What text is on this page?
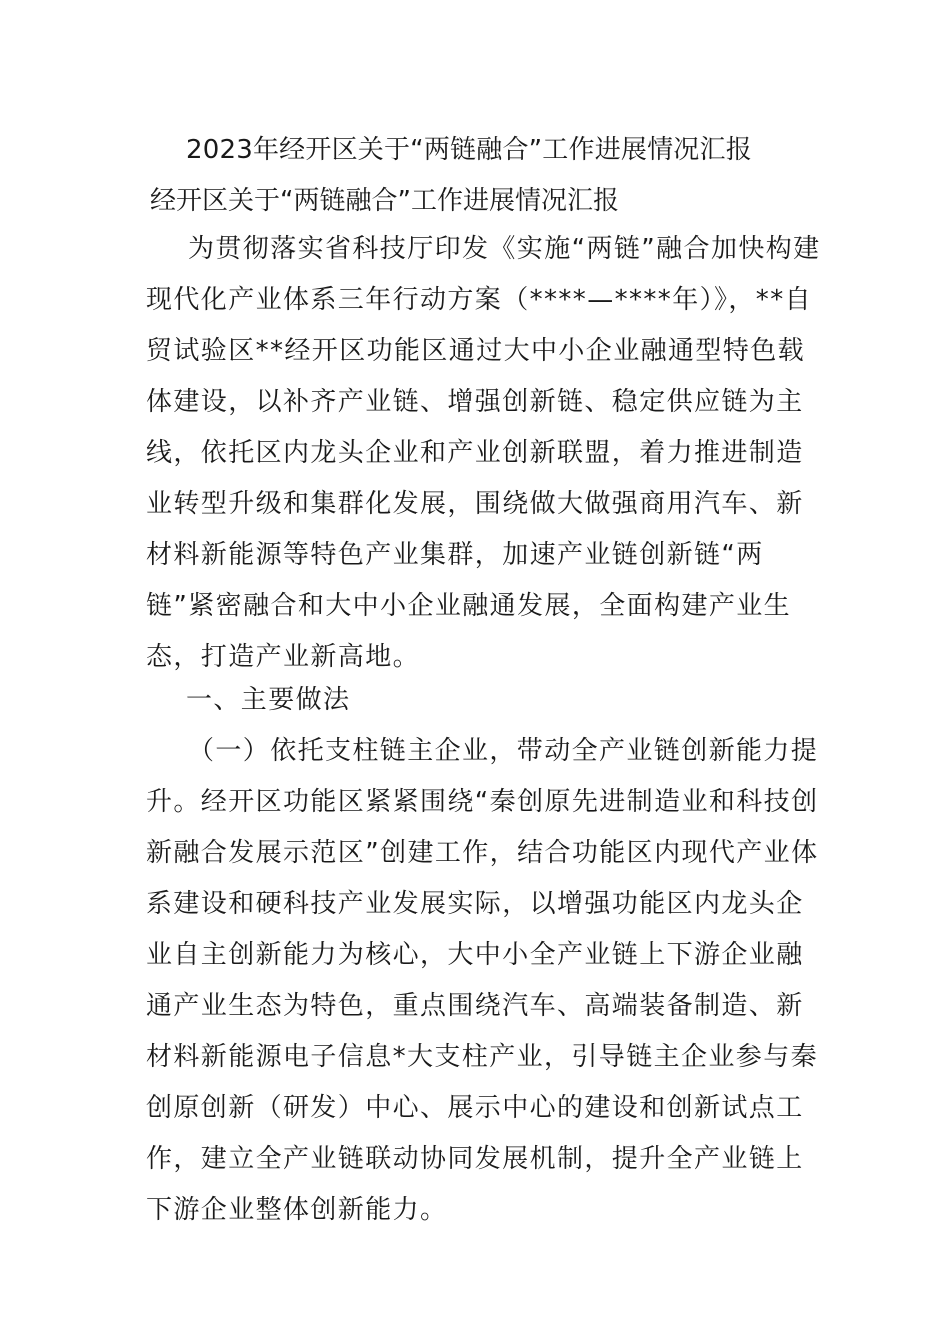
2023年经开区关于“两链融合”工作进展情况汇报
经开区关于“两链融合”工作进展情况汇报
为贯彻落实省科技厅印发《实施“两链”融合加快构建现代化产业体系三年行动方案（****—****年）》，**自贸试验区**经开区功能区通过大中小企业融通型特色载体建设，以补齐产业链、增强创新链、稳定供应链为主线，依托区内龙头企业和产业创新联盟，着力推进制造业转型升级和集群化发展，围绕做大做强商用汽车、新材料新能源等特色产业集群，加速产业链创新链“两链”紧密融合和大中小企业融通发展，全面构建产业生态，打造产业新高地。
一、主要做法
（一）依托支柱链主企业，带动全产业链创新能力提升。经开区功能区紧紧围绕“秦创原先进制造业和科技创新融合发展示范区”创建工作，结合功能区内现代产业体系建设和硬科技产业发展实际，以增强功能区内龙头企业自主创新能力为核心，大中小全产业链上下游企业融通产业生态为特色，重点围绕汽车、高端装备制造、新材料新能源电子信息*大支柱产业，引导链主企业参与秦创原创新（研发）中心、展示中心的建设和创新试点工作，建立全产业链联动协同发展机制，提升全产业链上下游企业整体创新能力。
